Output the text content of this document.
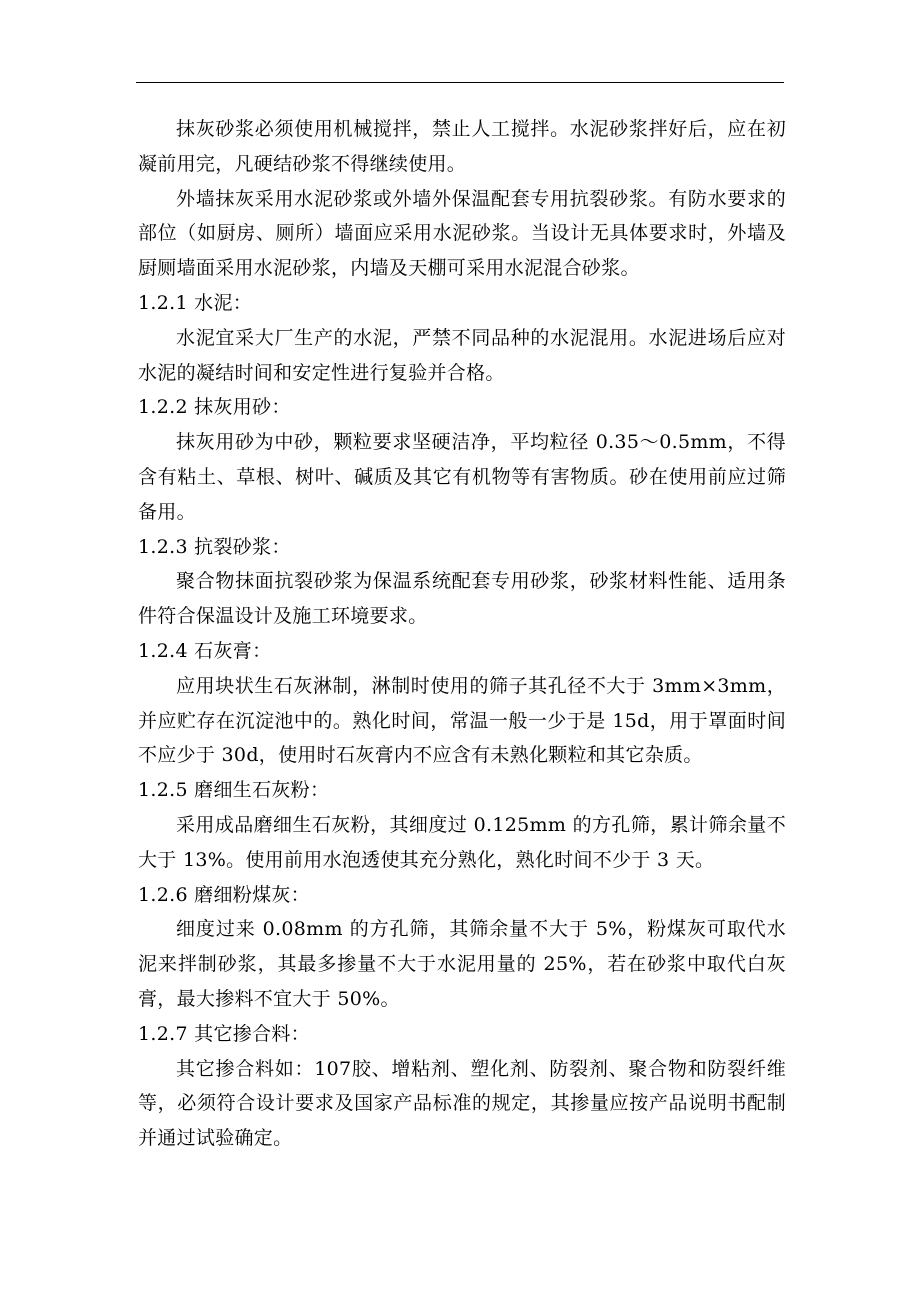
抹灰砂浆必须使用机械搅拌，禁止人工搅拌。水泥砂浆拌好后，应在初凝前用完，凡硬结砂浆不得继续使用。

外墙抹灰采用水泥砂浆或外墙外保温配套专用抗裂砂浆。有防水要求的部位（如厨房、厕所）墙面应采用水泥砂浆。当设计无具体要求时，外墙及厨厕墙面采用水泥砂浆，内墙及天棚可采用水泥混合砂浆。

1.2.1 水泥：

水泥宜采大厂生产的水泥，严禁不同品种的水泥混用。水泥进场后应对水泥的凝结时间和安定性进行复验并合格。

1.2.2 抹灰用砂：

抹灰用砂为中砂，颗粒要求坚硬洁净，平均粒径 0.35～0.5mm，不得含有粘土、草根、树叶、碱质及其它有机物等有害物质。砂在使用前应过筛备用。

1.2.3 抗裂砂浆：

聚合物抹面抗裂砂浆为保温系统配套专用砂浆，砂浆材料性能、适用条件符合保温设计及施工环境要求。

1.2.4 石灰膏：

应用块状生石灰淋制，淋制时使用的筛子其孔径不大于 3mm×3mm，并应贮存在沉淀池中的。熟化时间，常温一般一少于是 15d，用于罩面时间不应少于 30d，使用时石灰膏内不应含有未熟化颗粒和其它杂质。

1.2.5 磨细生石灰粉：

采用成品磨细生石灰粉，其细度过 0.125mm 的方孔筛，累计筛余量不大于 13%。使用前用水泡透使其充分熟化，熟化时间不少于 3 天。

1.2.6 磨细粉煤灰：

细度过来 0.08mm 的方孔筛，其筛余量不大于 5%，粉煤灰可取代水泥来拌制砂浆，其最多掺量不大于水泥用量的 25%，若在砂浆中取代白灰膏，最大掺料不宜大于 50%。

1.2.7 其它掺合料：

其它掺合料如：107胶、增粘剂、塑化剂、防裂剂、聚合物和防裂纤维等，必须符合设计要求及国家产品标准的规定，其掺量应按产品说明书配制并通过试验确定。
